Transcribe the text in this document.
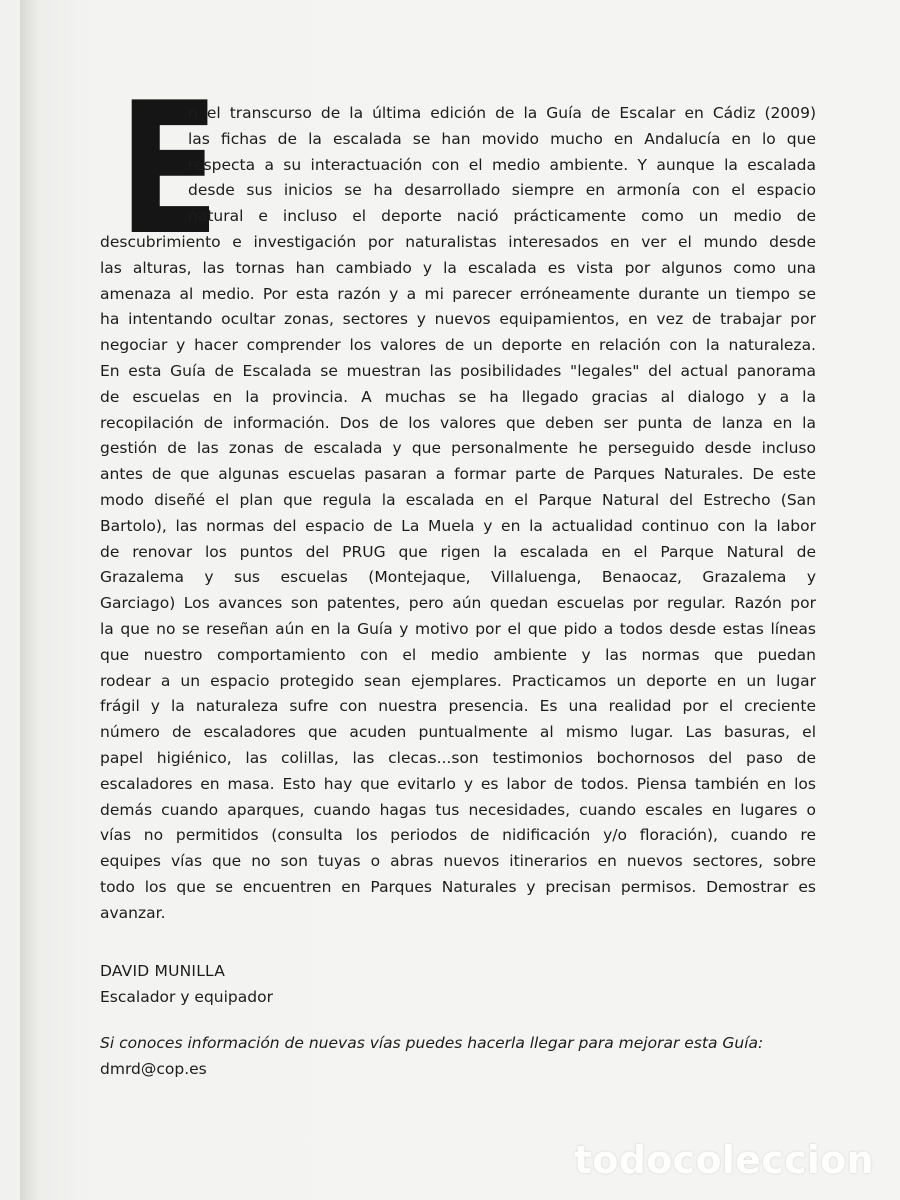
E
n el transcurso de la última edición de la Guía de Escalar en Cádiz (2009)
las fichas de la escalada se han movido mucho en Andalucía en lo que
respecta a su interactuación con el medio ambiente. Y aunque la escalada
desde sus inicios se ha desarrollado siempre en armonía con el espacio
natural e incluso el deporte nació prácticamente como un medio de
descubrimiento e investigación por naturalistas interesados en ver el mundo desde
las alturas, las tornas han cambiado y la escalada es vista por algunos como una
amenaza al medio. Por esta razón y a mi parecer erróneamente durante un tiempo se
ha intentando ocultar zonas, sectores y nuevos equipamientos, en vez de trabajar por
negociar y hacer comprender los valores de un deporte en relación con la naturaleza.
En esta Guía de Escalada se muestran las posibilidades "legales" del actual panorama
de escuelas en la provincia. A muchas se ha llegado gracias al dialogo y a la
recopilación de información. Dos de los valores que deben ser punta de lanza en la
gestión de las zonas de escalada y que personalmente he perseguido desde incluso
antes de que algunas escuelas pasaran a formar parte de Parques Naturales. De este
modo diseñé el plan que regula la escalada en el Parque Natural del Estrecho (San
Bartolo), las normas del espacio de La Muela y en la actualidad continuo con la labor
de renovar los puntos del PRUG que rigen la escalada en el Parque Natural de
Grazalema y sus escuelas (Montejaque, Villaluenga, Benaocaz, Grazalema y
Garciago) Los avances son patentes, pero aún quedan escuelas por regular. Razón por
la que no se reseñan aún en la Guía y motivo por el que pido a todos desde estas líneas
que nuestro comportamiento con el medio ambiente y las normas que puedan
rodear a un espacio protegido sean ejemplares. Practicamos un deporte en un lugar
frágil y la naturaleza sufre con nuestra presencia. Es una realidad por el creciente
número de escaladores que acuden puntualmente al mismo lugar. Las basuras, el
papel higiénico, las colillas, las clecas...son testimonios bochornosos del paso de
escaladores en masa. Esto hay que evitarlo y es labor de todos. Piensa también en los
demás cuando aparques, cuando hagas tus necesidades, cuando escales en lugares o
vías no permitidos (consulta los periodos de nidificación y/o floración), cuando re
equipes vías que no son tuyas o abras nuevos itinerarios en nuevos sectores, sobre
todo los que se encuentren en Parques Naturales y precisan permisos. Demostrar es
avanzar.
DAVID MUNILLA
Escalador y equipador
Si conoces información de nuevas vías puedes hacerla llegar para mejorar esta Guía:
dmrd@cop.es
todocoleccion
